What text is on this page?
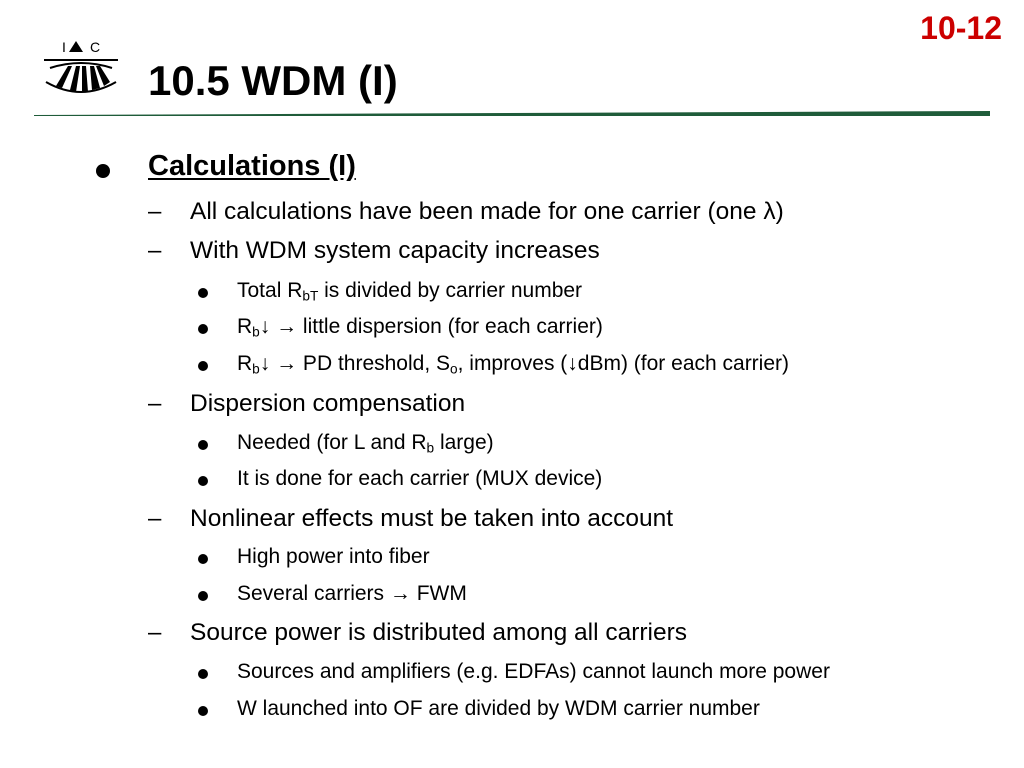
10-12
I C
10.5 WDM (I)
Calculations (I)
– All calculations have been made for one carrier (one λ)
– With WDM system capacity increases
Total $R_{bT}$ is divided by carrier number
$R_b↓$ → little dispersion (for each carrier)
$R_b↓$ → PD threshold, $S_o$, improves (↓dBm) (for each carrier)
– Dispersion compensation
Needed (for L and $R_b$ large)
It is done for each carrier (MUX device)
– Nonlinear effects must be taken into account
High power into fiber
Several carriers → FWM
– Source power is distributed among all carriers
Sources and amplifiers (e.g. EDFAs) cannot launch more power
W launched into OF are divided by WDM carrier number
